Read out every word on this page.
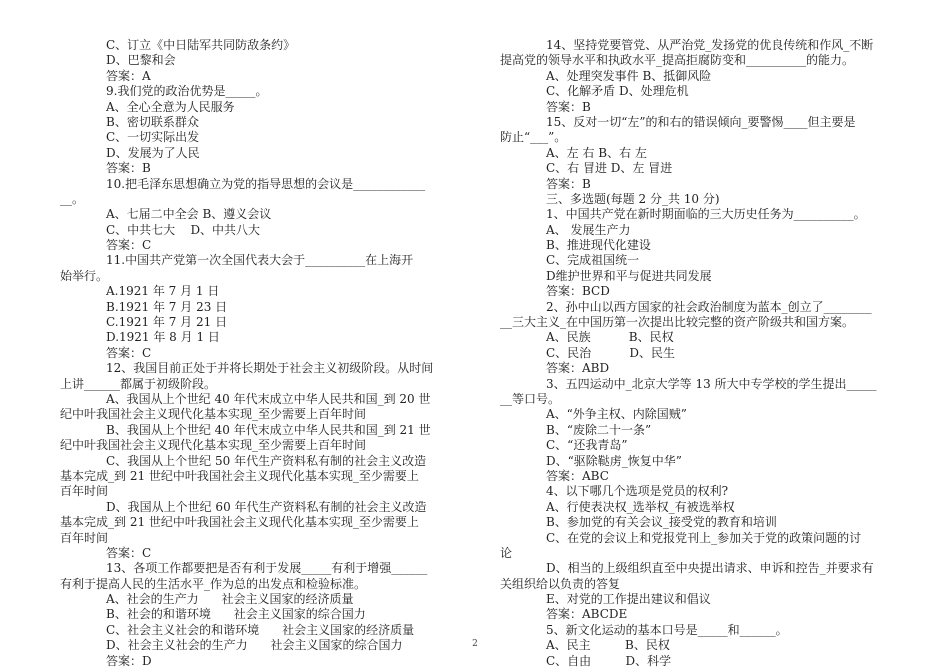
C、订立《中日陆军共同防敌条约》
D、巴黎和会
答案：A
9.我们党的政治优势是_____。
A、全心全意为人民服务
B、密切联系群众
C、一切实际出发
D、发展为了人民
答案：B
10.把毛泽东思想确立为党的指导思想的会议是____________
__。
A、七届二中全会 B、遵义会议
C、中共七大    D、中共八大
答案：C
11.中国共产党第一次全国代表大会于__________在上海开
始举行。
A.1921 年 7 月 1 日
B.1921 年 7 月 23 日
C.1921 年 7 月 21 日
D.1921 年 8 月 1 日
答案：C
12、我国目前正处于并将长期处于社会主义初级阶段。从时间
上讲______都属于初级阶段。
A、我国从上个世纪 40 年代末成立中华人民共和国_到 20 世
纪中叶我国社会主义现代化基本实现_至少需要上百年时间
B、我国从上个世纪 40 年代末成立中华人民共和国_到 21 世
纪中叶我国社会主义现代化基本实现_至少需要上百年时间
C、我国从上个世纪 50 年代生产资料私有制的社会主义改造
基本完成_到 21 世纪中叶我国社会主义现代化基本实现_至少需要上
百年时间
D、我国从上个世纪 60 年代生产资料私有制的社会主义改造
基本完成_到 21 世纪中叶我国社会主义现代化基本实现_至少需要上
百年时间
答案：C
13、各项工作都要把是否有利于发展_____有利于增强______
有利于提高人民的生活水平_作为总的出发点和检验标准。
A、社会的生产力      社会主义国家的经济质量
B、社会的和谐环境      社会主义国家的综合国力
C、社会主义社会的和谐环境      社会主义国家的经济质量
D、社会主义社会的生产力      社会主义国家的综合国力
答案：D
14、坚持党要管党、从严治党_发扬党的优良传统和作风_不断
提高党的领导水平和执政水平_提高拒腐防变和__________的能力。
A、处理突发事件 B、抵御风险
C、化解矛盾 D、处理危机
答案：B
15、反对一切“左”的和右的错误倾向_要警惕____但主要是
防止“___”。
A、左 右 B、右 左
C、右 冒进 D、左 冒进
答案：B
三、多选题(每题 2 分_共 10 分)
1、中国共产党在新时期面临的三大历史任务为__________。
A、 发展生产力
B、推进现代化建设
C、完成祖国统一
D维护世界和平与促进共同发展
答案：BCD
2、孙中山以西方国家的社会政治制度为蓝本_创立了________
__三大主义_在中国历第一次提出比较完整的资产阶级共和国方案。
A、民族          B、民权
C、民治          D、民生
答案：ABD
3、五四运动中_北京大学等 13 所大中专学校的学生提出_____
__等口号。
A、“外争主权、内除国贼”
B、“废除二十一条”
C、“还我青岛”
D、“驱除鞑虏_恢复中华”
答案：ABC
4、以下哪几个选项是党员的权利?
A、行使表决权_选举权_有被选举权
B、参加党的有关会议_接受党的教育和培训
C、在党的会议上和党报党刊上_参加关于党的政策问题的讨
论
D、相当的上级组织直至中央提出请求、申诉和控告_并要求有
关组织给以负责的答复
E、对党的工作提出建议和倡议
答案：ABCDE
5、新文化运动的基本口号是_____和______。
A、民主         B、民权
C、自由         D、科学
2
